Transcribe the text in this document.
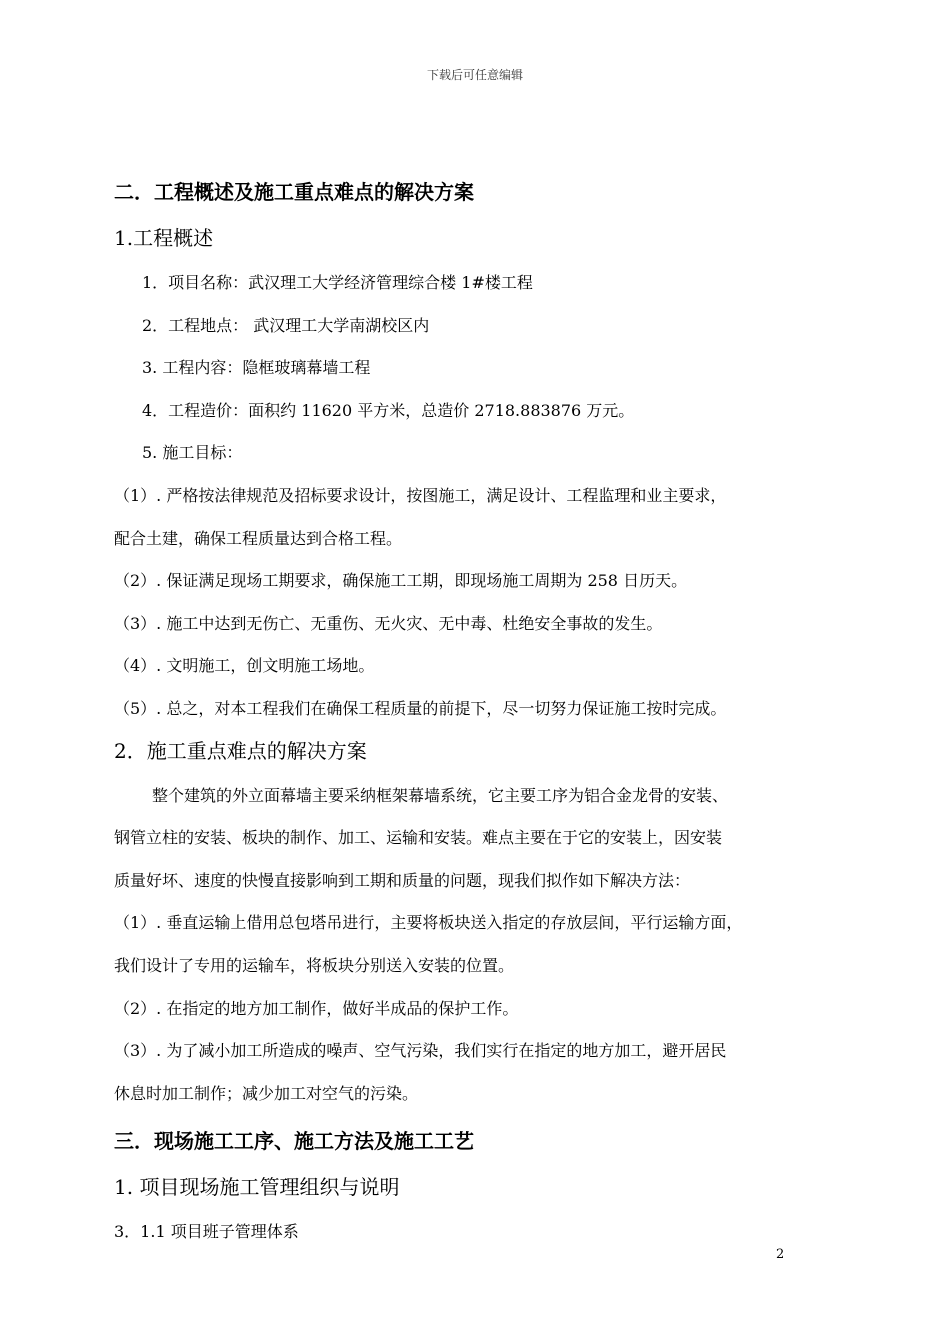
下载后可任意编辑

二．工程概述及施工重点难点的解决方案

1.工程概述

1．项目名称：武汉理工大学经济管理综合楼 1#楼工程

2．工程地点： 武汉理工大学南湖校区内

3. 工程内容：隐框玻璃幕墙工程

4．工程造价：面积约 11620 平方米，总造价 2718.883876 万元。

5. 施工目标：

（1）. 严格按法律规范及招标要求设计，按图施工，满足设计、工程监理和业主要求，

配合土建，确保工程质量达到合格工程。

（2）. 保证满足现场工期要求，确保施工工期，即现场施工周期为 258 日历天。

（3）. 施工中达到无伤亡、无重伤、无火灾、无中毒、杜绝安全事故的发生。

（4）. 文明施工，创文明施工场地。

（5）. 总之，对本工程我们在确保工程质量的前提下，尽一切努力保证施工按时完成。

2．施工重点难点的解决方案

整个建筑的外立面幕墙主要采纳框架幕墙系统，它主要工序为铝合金龙骨的安装、

钢管立柱的安装、板块的制作、加工、运输和安装。难点主要在于它的安装上，因安装

质量好坏、速度的快慢直接影响到工期和质量的问题，现我们拟作如下解决方法：

（1）. 垂直运输上借用总包塔吊进行，主要将板块送入指定的存放层间，平行运输方面，

我们设计了专用的运输车，将板块分别送入安装的位置。

（2）. 在指定的地方加工制作，做好半成品的保护工作。

（3）. 为了减小加工所造成的噪声、空气污染，我们实行在指定的地方加工，避开居民

休息时加工制作；减少加工对空气的污染。

三．现场施工工序、施工方法及施工工艺

1. 项目现场施工管理组织与说明

3．1.1 项目班子管理体系

2
